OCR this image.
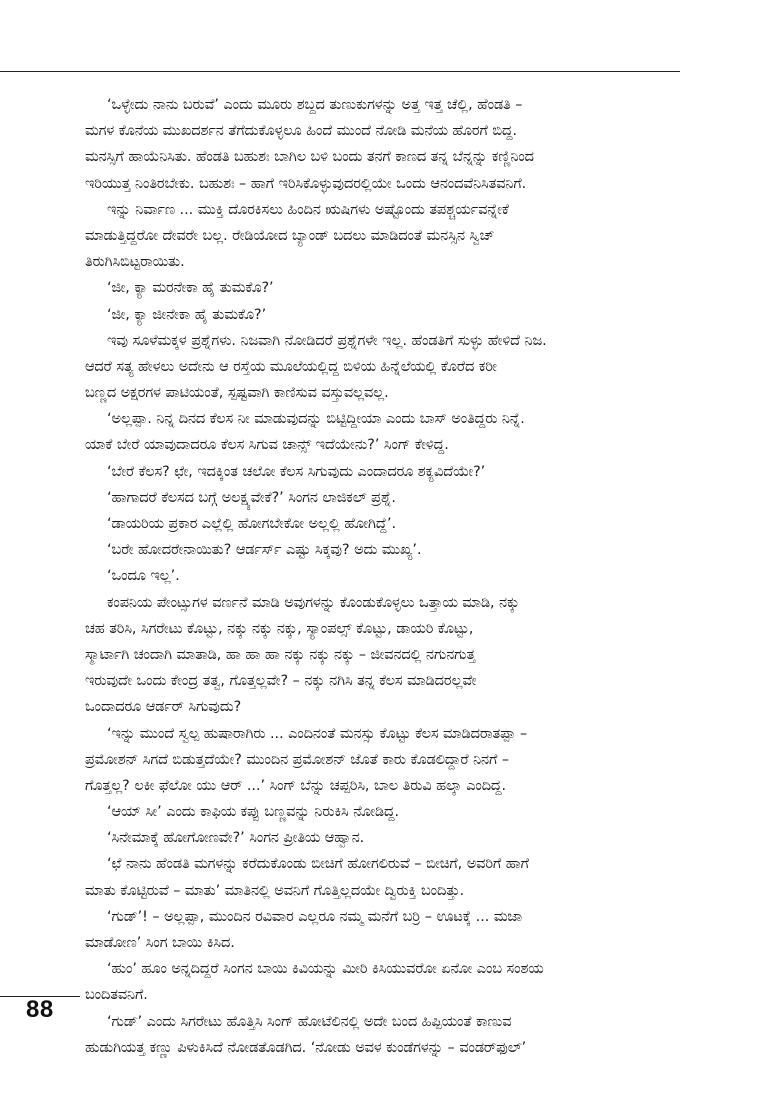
‘ಒಳ್ಳೇದು ನಾನು ಬರುವೆ’ ಎಂದು ಮೂರು ಶಬ್ದದ ತುಣುಕುಗಳನ್ನು ಅತ್ತ ಇತ್ತ ಚೆಲ್ಲಿ, ಹೆಂಡತಿ –
ಮಗಳ ಕೊನೆಯ ಮುಖದರ್ಶನ ತೆಗೆದುಕೊಳ್ಳಲೂ ಹಿಂದೆ ಮುಂದೆ ನೋಡಿ ಮನೆಯ ಹೊರಗೆ ಬಿದ್ದ.
ಮನಸ್ಸಿಗೆ ಹಾಯೆನಿಸಿತು. ಹೆಂಡತಿ ಬಹುಶಃ ಬಾಗಿಲ ಬಳಿ ಬಂದು ತನಗೆ ಕಾಣದ ತನ್ನ ಬೆನ್ನನ್ನು ಕಣ್ಣಿನಿಂದ
ಇರಿಯುತ್ತ ನಿಂತಿರಬೇಕು. ಬಹುಶಃ – ಹಾಗೆ ಇರಿಸಿಕೊಳ್ಳುವುದರಲ್ಲಿಯೇ ಒಂದು ಆನಂದವೆನಿಸಿತವನಿಗೆ.
ಇನ್ನು ನಿರ್ವಾಣ ... ಮುಕ್ತಿ ದೊರಕಿಸಲು ಹಿಂದಿನ ಋಷಿಗಳು ಅಷ್ಟೊಂದು ತಪಶ್ಚರ್ಯವನ್ನೇಕೆ
ಮಾಡುತ್ತಿದ್ದರೋ ದೇವರೇ ಬಲ್ಲ. ರೇಡಿಯೋದ ಬ್ಯಾಂಡ್ ಬದಲು ಮಾಡಿದಂತೆ ಮನಸ್ಸಿನ ಸ್ವಿಚ್
ತಿರುಗಿಸಿಬಿಟ್ಟರಾಯಿತು.
‘ಜೀ, ಕ್ಯಾ ಮರನೇಕಾ ಹೈ ತುಮಕೊ?’
‘ಜೀ, ಕ್ಯಾ ಜೀನೇಕಾ ಹೈ ತುಮಕೊ?’
ಇವು ಸೂಳೆಮಕ್ಕಳ ಪ್ರಶ್ನೆಗಳು. ನಿಜವಾಗಿ ನೋಡಿದರೆ ಪ್ರಶ್ನೆಗಳೇ ಇಲ್ಲ. ಹೆಂಡತಿಗೆ ಸುಳ್ಳು ಹೇಳಿದೆ ನಿಜ.
ಆದರೆ ಸತ್ಯ ಹೇಳಲು ಅದೇನು ಆ ರಸ್ತೆಯ ಮೂಲೆಯಲ್ಲಿದ್ದ ಬಿಳಿಯ ಹಿನ್ನೆಲೆಯಲ್ಲಿ ಕೊರೆದ ಕರೀ
ಬಣ್ಣದ ಅಕ್ಷರಗಳ ಪಾಟಿಯಂತೆ, ಸ್ಪಷ್ಟವಾಗಿ ಕಾಣಿಸುವ ವಸ್ತುವಲ್ಲವಲ್ಲ.
‘ಅಲ್ಲಪ್ಪಾ. ನಿನ್ನ ದಿನದ ಕೆಲಸ ನೀ ಮಾಡುವುದನ್ನು ಬಿಟ್ಟಿದ್ದೀಯಾ ಎಂದು ಬಾಸ್ ಅಂತಿದ್ದರು ನಿನ್ನೆ.
ಯಾಕೆ ಬೇರೆ ಯಾವುದಾದರೂ ಕೆಲಸ ಸಿಗುವ ಚಾನ್ಸ್ ಇದೆಯೇನು?’ ಸಿಂಗ್ ಕೇಳಿದ್ದ.
‘ಬೇರೆ ಕೆಲಸ? ಛೇ, ಇದಕ್ಕಿಂತ ಚಲೋ ಕೆಲಸ ಸಿಗುವುದು ಎಂದಾದರೂ ಶಕ್ಯವಿದೆಯೇ?’
‘ಹಾಗಾದರೆ ಕೆಲಸದ ಬಗ್ಗೆ ಅಲಕ್ಷ್ಯವೇಕೆ?’ ಸಿಂಗನ ಲಾಜಿಕಲ್ ಪ್ರಶ್ನೆ.
‘ಡಾಯರಿಯ ಪ್ರಕಾರ ಎಲ್ಲೆಲ್ಲಿ ಹೋಗಬೇಕೋ ಅಲ್ಲಲ್ಲಿ ಹೋಗಿದ್ದೆ’.
‘ಬರೇ ಹೋದರೇನಾಯಿತು? ಆರ್ಡರ್ಸ್ ಎಷ್ಟು ಸಿಕ್ಕವು? ಅದು ಮುಖ್ಯ’.
‘ಒಂದೂ ಇಲ್ಲ’.
ಕಂಪನಿಯ ಪೇಂಟ್ಸುಗಳ ವರ್ಣನೆ ಮಾಡಿ ಅವುಗಳನ್ನು ಕೊಂಡುಕೊಳ್ಳಲು ಒತ್ತಾಯ ಮಾಡಿ, ನಕ್ಕು
ಚಹ ತರಿಸಿ, ಸಿಗರೇಟು ಕೊಟ್ಟು, ನಕ್ಕು ನಕ್ಕು ನಕ್ಕು, ಸ್ಯಾಂಪಲ್ಸ್ ಕೊಟ್ಟು, ಡಾಯರಿ ಕೊಟ್ಟು,
ಸ್ಮಾರ್ಟಾಗಿ ಚಂದಾಗಿ ಮಾತಾಡಿ, ಹಾ ಹಾ ಹಾ ನಕ್ಕು ನಕ್ಕು ನಕ್ಕು – ಜೀವನದಲ್ಲಿ ನಗುನಗುತ್ತ
ಇರುವುದೇ ಒಂದು ಕೇಂದ್ರ ತತ್ವ, ಗೊತ್ತಲ್ಲವೇ? – ನಕ್ಕು ನಗಿಸಿ ತನ್ನ ಕೆಲಸ ಮಾಡಿದರಲ್ಲವೇ
ಒಂದಾದರೂ ಆರ್ಡರ್ ಸಿಗುವುದು?
‘ಇನ್ನು ಮುಂದೆ ಸ್ವಲ್ಪ ಹುಷಾರಾಗಿರು ... ಎಂದಿನಂತೆ ಮನಸ್ಸು ಕೊಟ್ಟು ಕೆಲಸ ಮಾಡಿದರಾತಪ್ಪಾ –
ಪ್ರಮೋಶನ್ ಸಿಗದೆ ಬಿಡುತ್ತದೆಯೇ? ಮುಂದಿನ ಪ್ರಮೋಶನ್ ಜೊತೆ ಕಾರು ಕೊಡಲಿದ್ದಾರೆ ನಿನಗೆ –
ಗೊತ್ತಲ್ಲ? ಲಕೀ ಫೆಲೋ ಯು ಆರ್ ...’ ಸಿಂಗ್ ಬೆನ್ನು ಚಪ್ಪರಿಸಿ, ಬಾಲ ತಿರುವಿ ಹಲ್ಕಾ ಎಂದಿದ್ದ.
‘ಆಯ್ ಸೀ’ ಎಂದು ಕಾಫಿಯ ಕಪ್ಪು ಬಣ್ಣವನ್ನು ನಿರುಕಿಸಿ ನೋಡಿದ್ದ.
‘ಸಿನೇಮಾಕ್ಕೆ ಹೋಗೋಣವೇ?’ ಸಿಂಗನ ಪ್ರೀತಿಯ ಆಹ್ವಾನ.
‘ಛೆ ನಾನು ಹೆಂಡತಿ ಮಗಳನ್ನು ಕರೆದುಕೊಂಡು ಬೀಚಿಗೆ ಹೋಗಲಿರುವೆ – ಬೀಚಿಗೆ, ಅವರಿಗೆ ಹಾಗೆ
ಮಾತು ಕೊಟ್ಟಿರುವೆ – ಮಾತು’ ಮಾತಿನಲ್ಲಿ ಅವನಿಗೆ ಗೊತ್ತಿಲ್ಲದಯೇ ದ್ವಿರುಕ್ತಿ ಬಂದಿತ್ತು.
‘ಗುಡ್’! – ಅಲ್ಲಪ್ಪಾ, ಮುಂದಿನ ರವಿವಾರ ಎಲ್ಲರೂ ನಮ್ಮ ಮನೆಗೆ ಬರ್‍ರಿ – ಊಟಕ್ಕೆ ... ಮಜಾ
ಮಾಡೋಣ’ ಸಿಂಗ ಬಾಯಿ ಕಿಸಿದ.
‘ಹುಂ’ ಹೂಂ ಅನ್ನದಿದ್ದರೆ ಸಿಂಗನ ಬಾಯಿ ಕಿವಿಯನ್ನು ಮೀರಿ ಕಿಸಿಯುವರೋ ಏನೋ ಎಂಬ ಸಂಶಯ
ಬಂದಿತವನಿಗೆ.
‘ಗುಡ್’ ಎಂದು ಸಿಗರೇಟು ಹೊತ್ತಿಸಿ ಸಿಂಗ್ ಹೋಟೆಲಿನಲ್ಲಿ ಅದೇ ಬಂದ ಹಿಪ್ಪಿಯಂತೆ ಕಾಣುವ
ಹುಡುಗಿಯತ್ತ ಕಣ್ಣು ಪಿಳುಕಿಸಿದೆ ನೋಡತೊಡಗಿದ. ‘ನೋಡು ಅವಳ ಕುಂಡೆಗಳನ್ನು – ವಂಡರ್‌ಫುಲ್’
88
